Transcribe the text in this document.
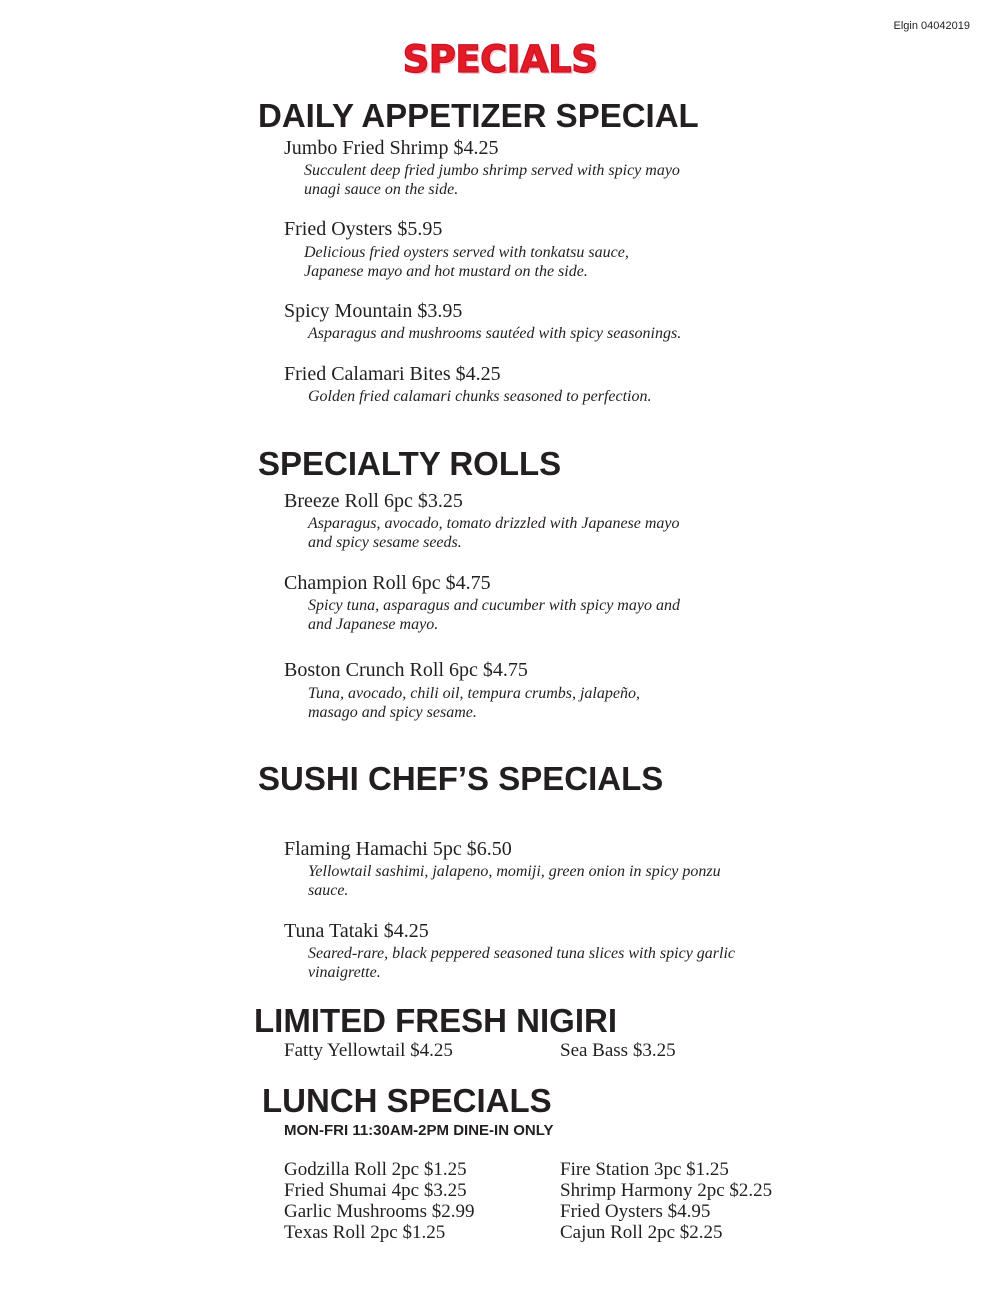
Elgin 04042019
SPECIALS
DAILY APPETIZER SPECIAL
Jumbo Fried Shrimp $4.25
Succulent deep fried jumbo shrimp served with spicy mayo
unagi sauce on the side.
Fried Oysters $5.95
Delicious fried oysters served with tonkatsu sauce,
Japanese mayo and hot mustard on the side.
Spicy Mountain $3.95
Asparagus and mushrooms sautéed with spicy seasonings.
Fried Calamari Bites $4.25
Golden fried calamari chunks seasoned to perfection.
SPECIALTY ROLLS
Breeze Roll 6pc $3.25
Asparagus, avocado, tomato drizzled with Japanese mayo
and spicy sesame seeds.
Champion Roll 6pc $4.75
Spicy tuna, asparagus and cucumber with spicy mayo and
and Japanese mayo.
Boston Crunch Roll 6pc $4.75
Tuna, avocado, chili oil, tempura crumbs, jalapeño,
masago and spicy sesame.
SUSHI CHEF’S SPECIALS
Flaming Hamachi 5pc $6.50
Yellowtail sashimi, jalapeno, momiji, green onion in spicy ponzu
sauce.
Tuna Tataki $4.25
Seared-rare, black peppered seasoned tuna slices with spicy garlic
vinaigrette.
LIMITED FRESH NIGIRI
Fatty Yellowtail $4.25	Sea Bass $3.25
LUNCH SPECIALS
MON-FRI 11:30AM-2PM DINE-IN ONLY
Godzilla Roll 2pc $1.25
Fried Shumai 4pc $3.25
Garlic Mushrooms $2.99
Texas Roll 2pc $1.25
Fire Station 3pc $1.25
Shrimp Harmony 2pc $2.25
Fried Oysters $4.95
Cajun Roll 2pc $2.25
